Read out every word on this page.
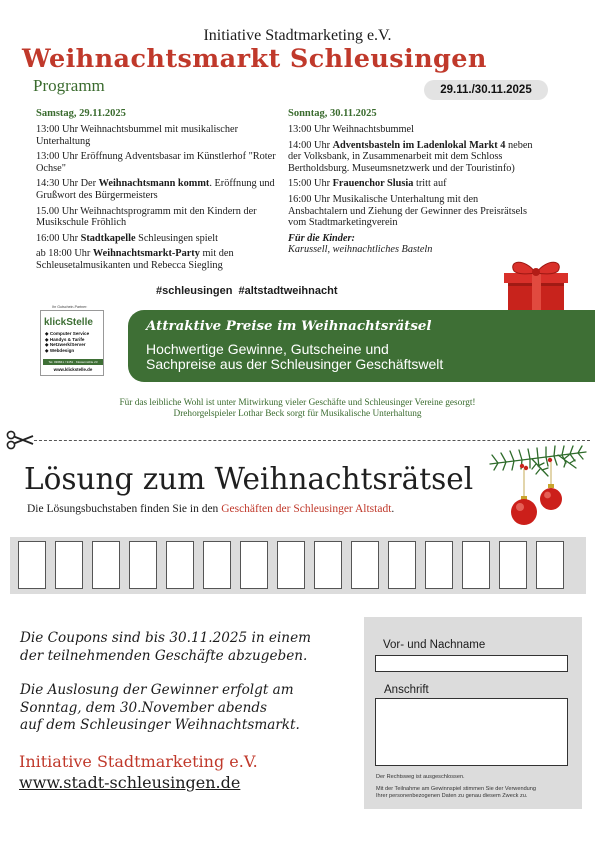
Initiative Stadtmarketing e.V.
Weihnachtsmarkt Schleusingen
Programm	29.11./30.11.2025
Samstag, 29.11.2025
13:00 Uhr Weihnachtsbummel mit musikalischer Unterhaltung
13:00 Uhr Eröffnung Adventsbasar im Künstlerhof "Roter Ochse"
14:30 Uhr Der Weihnachtsmann kommt. Eröffnung und Grußwort des Bürgermeisters
15.00 Uhr Weihnachtsprogramm mit den Kindern der Musikschule Fröhlich
16:00 Uhr Stadtkapelle Schleusingen spielt
ab 18:00 Uhr Weihnachtsmarkt-Party mit den Schleusetalmusikanten und Rebecca Siegling
Sonntag, 30.11.2025
13:00 Uhr Weihnachtsbummel
14:00 Uhr Adventsbasteln im Ladenlokal Markt 4 neben der Volksbank, in Zusammenarbeit mit dem Schloss Bertholdsburg. Museumsnetzwerk und der Touristinfo)
15:00 Uhr Frauenchor Slusia tritt auf
16:00 Uhr Musikalische Unterhaltung mit den Ansbachtalern und Ziehung der Gewinner des Preisrätsels vom Stadtmarketingverein
Für die Kinder:
Karussell, weihnachtliches Basteln
#schleusingen #altstadtweihnacht
Ihr Gutschein-Partner:
klickStelle
◆ Computer Service
◆ Handys & Tarife
◆ Netzwerk/Server
◆ Webdesign
Tel. 036841 / 3451 · Klostermühle 23
www.klickstelle.de
Attraktive Preise im Weihnachtsrätsel
Hochwertige Gewinne, Gutscheine und
Sachpreise aus der Schleusinger Geschäftswelt
Für das leibliche Wohl ist unter Mitwirkung vieler Geschäfte und Schleusinger Vereine gesorgt!
Drehorgelspieler Lothar Beck sorgt für Musikalische Unterhaltung
Lösung zum Weihnachtsrätsel
Die Lösungsbuchstaben finden Sie in den Geschäften der Schleusinger Altstadt.
Die Coupons sind bis 30.11.2025 in einem
der teilnehmenden Geschäfte abzugeben.
Die Auslosung der Gewinner erfolgt am
Sonntag, dem 30.November abends
auf dem Schleusinger Weihnachtsmarkt.
Initiative Stadtmarketing e.V.
www.stadt-schleusingen.de
Vor- und Nachname
Anschrift
Der Rechtsweg ist ausgeschlossen.
Mit der Teilnahme am Gewinnspiel stimmen Sie der Verwendung
Ihrer personenbezogenen Daten zu genau diesem Zweck zu.
